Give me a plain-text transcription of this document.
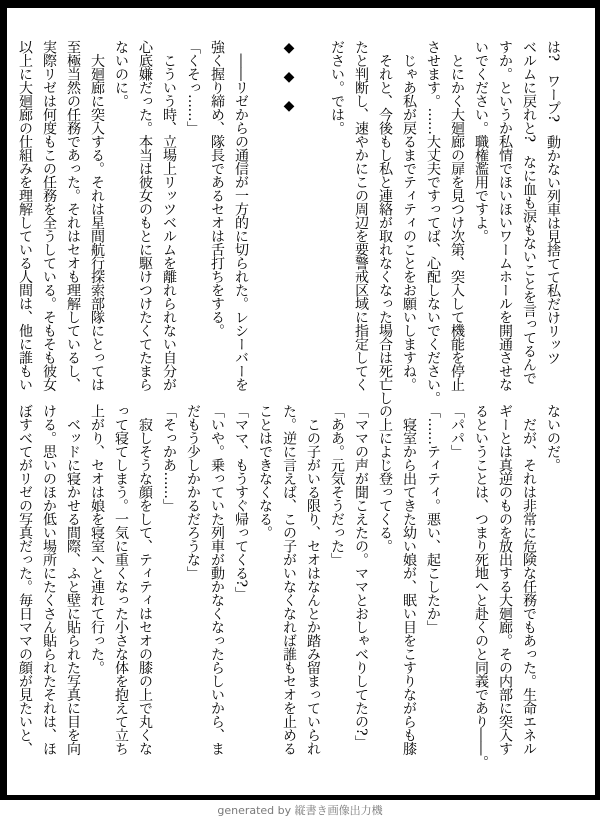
は?　ワープ?　動かない列車は見捨てて私だけリッツ
ベルムに戻れと?　なに血も涙もないことを言ってるんで
すか。というか私情でほいほいワームホールを開通させな
いでください。職権濫用ですよ。
　とにかく大廻廊の扉を見つけ次第、突入して機能を停止
させます。……大丈夫ですってば、心配しないでください。
　じゃあ私が戻るまでティティのことをお願いしますね。
　それと、今後もし私と連絡が取れなくなった場合は死亡し
たと判断し、速やかにこの周辺を要警戒区域に指定してく
ださい。では。

◆　◆　◆

　――リゼからの通信が一方的に切られた。レシーバーを
強く握り締め、隊長であるセオは舌打ちをする。
「くそっ……」
　こういう時、立場上リッツベルムを離れられない自分が
心底嫌だった。本当は彼女のもとに駆けつけたくてたまら
ないのに。
　大廻廊に突入する。それは星間航行探索部隊にとっては
至極当然の任務であった。それはセオも理解しているし、
実際リゼは何度もこの任務を全うしている。そもそも彼女
以上に大廻廊の仕組みを理解している人間は、他に誰もい
ないのだ。
　だが、それは非常に危険な任務でもあった。生命エネル
ギーとは真逆のものを放出する大廻廊。その内部に突入す
るということは、つまり死地へと赴くのと同義であり――。
「パパ」
「……ティティ。悪い、起こしたか」
　寝室から出てきた幼い娘が、眠い目をこすりながらも膝
の上によじ登ってくる。
「ママの声が聞こえたの。ママとおしゃべりしてたの?」
「ああ。元気そうだった」
　この子がいる限り、セオはなんとか踏み留まっていられ
た。逆に言えば、この子がいなくなれば誰もセオを止める
ことはできなくなる。
「ママ、もうすぐ帰ってくる?」
「いや。乗っていた列車が動かなくなったらしいから、ま
だもう少しかかるだろうな」
「そっかあ……」
　寂しそうな顔をして、ティティはセオの膝の上で丸くな
って寝てしまう。一気に重くなった小さな体を抱えて立ち
上がり、セオは娘を寝室へと連れて行った。
　ベッドに寝かせる間際、ふと壁に貼られた写真に目を向
ける。思いのほか低い場所にたくさん貼られたそれは、ほ
ぼすべてがリゼの写真だった。毎日ママの顔が見たいと、
generated by 縦書き画像出力機
